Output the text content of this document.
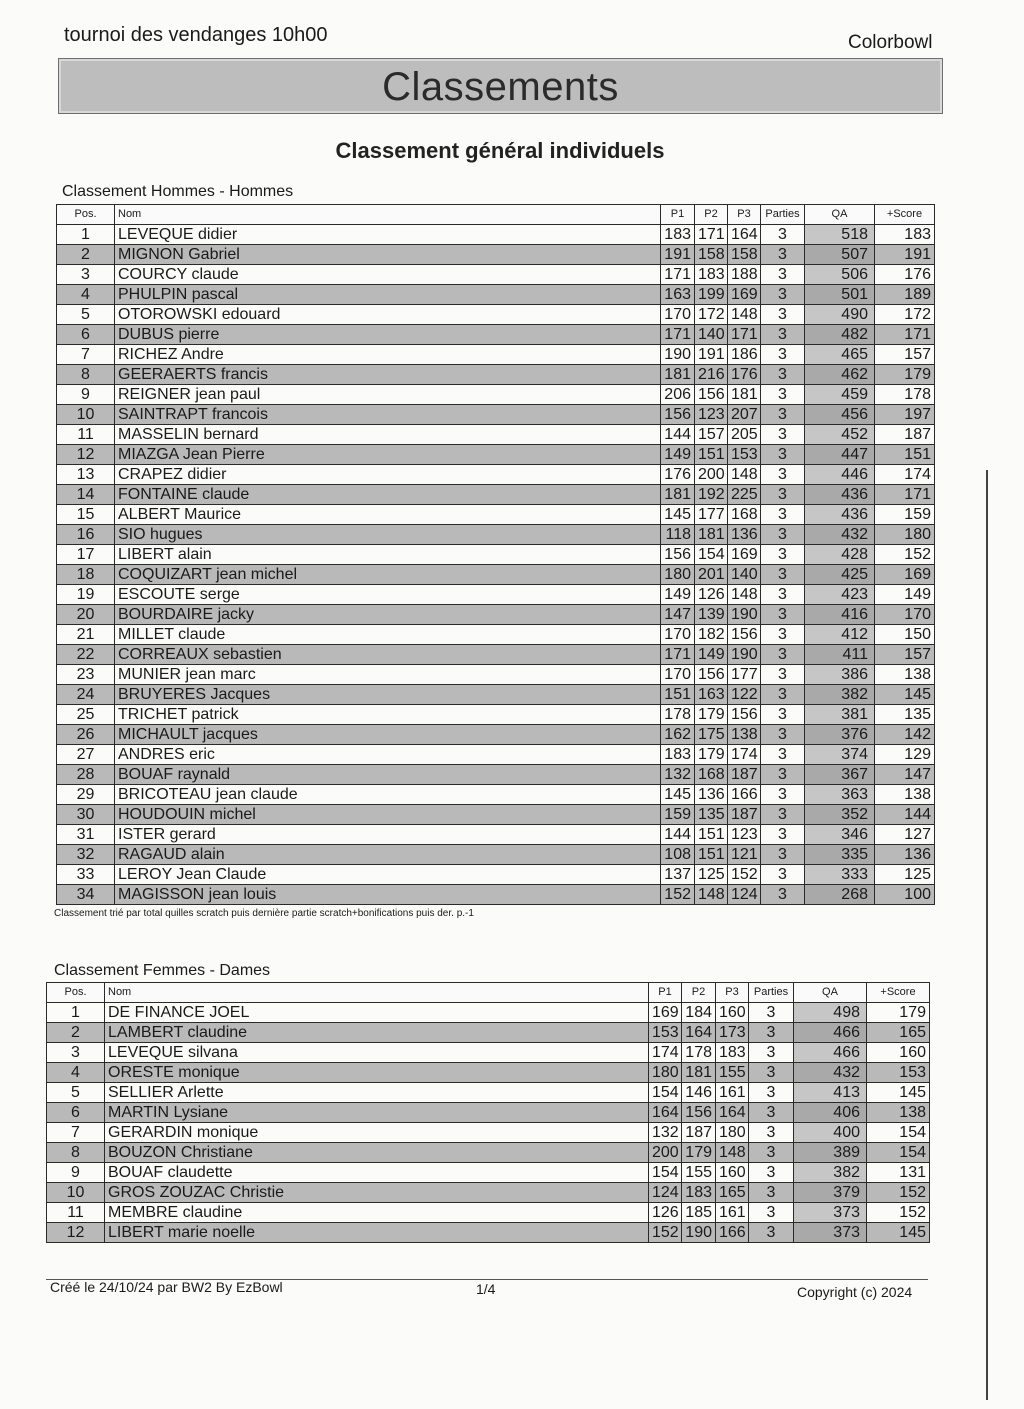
tournoi des vendanges 10h00	Colorbowl
Classements
Classement général individuels
Classement Hommes - Hommes
Pos.	Nom	P1	P2	P3	Parties	QA	+Score
1	LEVEQUE didier	183	171	164	3	518	183
2	MIGNON Gabriel	191	158	158	3	507	191
3	COURCY claude	171	183	188	3	506	176
4	PHULPIN pascal	163	199	169	3	501	189
5	OTOROWSKI edouard	170	172	148	3	490	172
6	DUBUS pierre	171	140	171	3	482	171
7	RICHEZ Andre	190	191	186	3	465	157
8	GEERAERTS francis	181	216	176	3	462	179
9	REIGNER jean paul	206	156	181	3	459	178
10	SAINTRAPT francois	156	123	207	3	456	197
11	MASSELIN bernard	144	157	205	3	452	187
12	MIAZGA Jean Pierre	149	151	153	3	447	151
13	CRAPEZ didier	176	200	148	3	446	174
14	FONTAINE claude	181	192	225	3	436	171
15	ALBERT Maurice	145	177	168	3	436	159
16	SIO hugues	118	181	136	3	432	180
17	LIBERT alain	156	154	169	3	428	152
18	COQUIZART jean michel	180	201	140	3	425	169
19	ESCOUTE serge	149	126	148	3	423	149
20	BOURDAIRE jacky	147	139	190	3	416	170
21	MILLET claude	170	182	156	3	412	150
22	CORREAUX sebastien	171	149	190	3	411	157
23	MUNIER jean marc	170	156	177	3	386	138
24	BRUYERES Jacques	151	163	122	3	382	145
25	TRICHET patrick	178	179	156	3	381	135
26	MICHAULT jacques	162	175	138	3	376	142
27	ANDRES eric	183	179	174	3	374	129
28	BOUAF raynald	132	168	187	3	367	147
29	BRICOTEAU jean claude	145	136	166	3	363	138
30	HOUDOUIN michel	159	135	187	3	352	144
31	ISTER gerard	144	151	123	3	346	127
32	RAGAUD alain	108	151	121	3	335	136
33	LEROY Jean Claude	137	125	152	3	333	125
34	MAGISSON jean louis	152	148	124	3	268	100
Classement trié par total quilles scratch puis dernière partie scratch+bonifications puis der. p.-1
Classement Femmes - Dames
Pos.	Nom	P1	P2	P3	Parties	QA	+Score
1	DE FINANCE JOEL	169	184	160	3	498	179
2	LAMBERT claudine	153	164	173	3	466	165
3	LEVEQUE silvana	174	178	183	3	466	160
4	ORESTE monique	180	181	155	3	432	153
5	SELLIER Arlette	154	146	161	3	413	145
6	MARTIN Lysiane	164	156	164	3	406	138
7	GERARDIN monique	132	187	180	3	400	154
8	BOUZON Christiane	200	179	148	3	389	154
9	BOUAF claudette	154	155	160	3	382	131
10	GROS ZOUZAC Christie	124	183	165	3	379	152
11	MEMBRE claudine	126	185	161	3	373	152
12	LIBERT marie noelle	152	190	166	3	373	145
Créé le 24/10/24 par BW2 By EzBowl	1/4	Copyright (c) 2024
